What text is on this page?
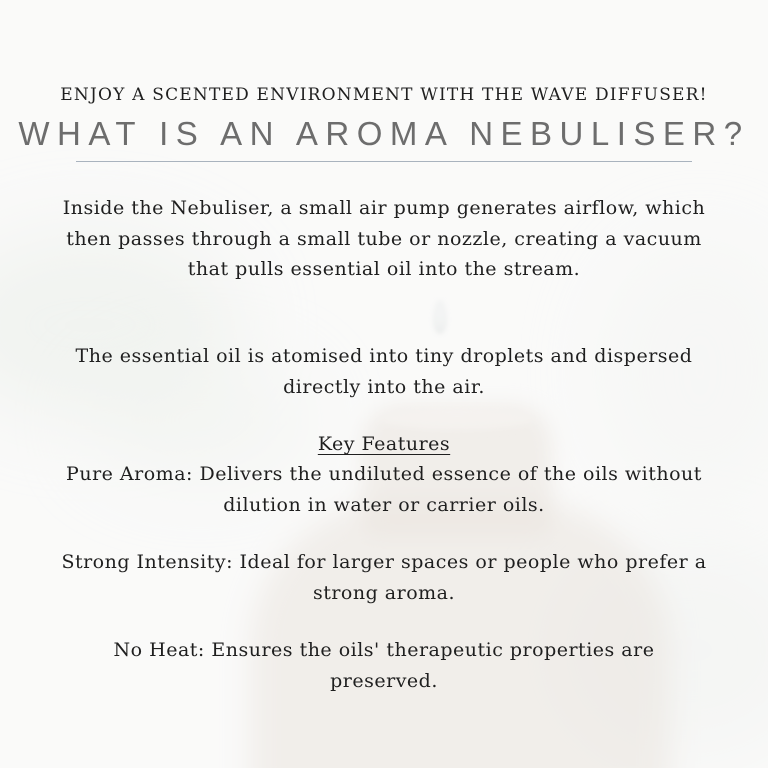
ENJOY A SCENTED ENVIRONMENT WITH THE WAVE DIFFUSER!
WHAT IS AN AROMA NEBULISER?
Inside the Nebuliser, a small air pump generates airflow, which then passes through a small tube or nozzle, creating a vacuum that pulls essential oil into the stream.
The essential oil is atomised into tiny droplets and dispersed directly into the air.
Key Features
Pure Aroma: Delivers the undiluted essence of the oils without dilution in water or carrier oils.
Strong Intensity: Ideal for larger spaces or people who prefer a strong aroma.
No Heat: Ensures the oils' therapeutic properties are preserved.
